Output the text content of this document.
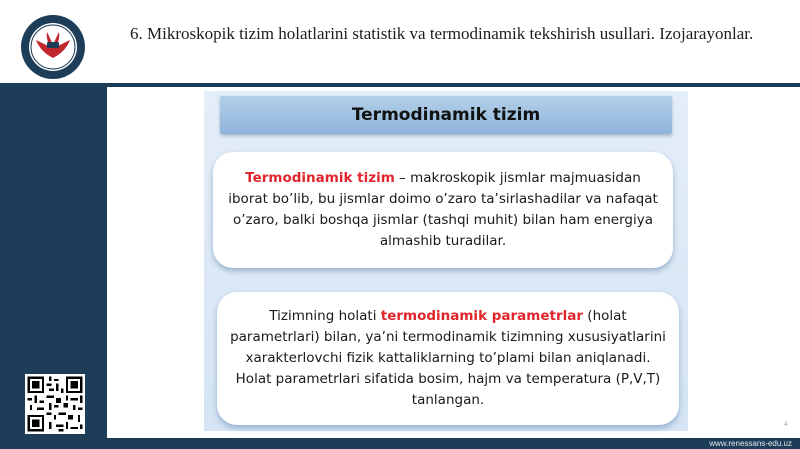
6. Mikroskopik tizim holatlarini statistik va termodinamik tekshirish usullari. Izojarayonlar.
Termodinamik tizim
Termodinamik tizim – makroskopik jismlar majmuasidan iborat bo’lib, bu jismlar doimo o’zaro ta’sirlashadilar va nafaqat o’zaro, balki boshqa jismlar (tashqi muhit) bilan ham energiya almashib turadilar.
Tizimning holati termodinamik parametrlar (holat parametrlari) bilan, ya’ni termodinamik tizimning xususiyatlarini xarakterlovchi fizik kattaliklarning to’plami bilan aniqlanadi. Holat parametrlari sifatida bosim, hajm va temperatura (P,V,T) tanlangan.
4
www.renessans-edu.uz
